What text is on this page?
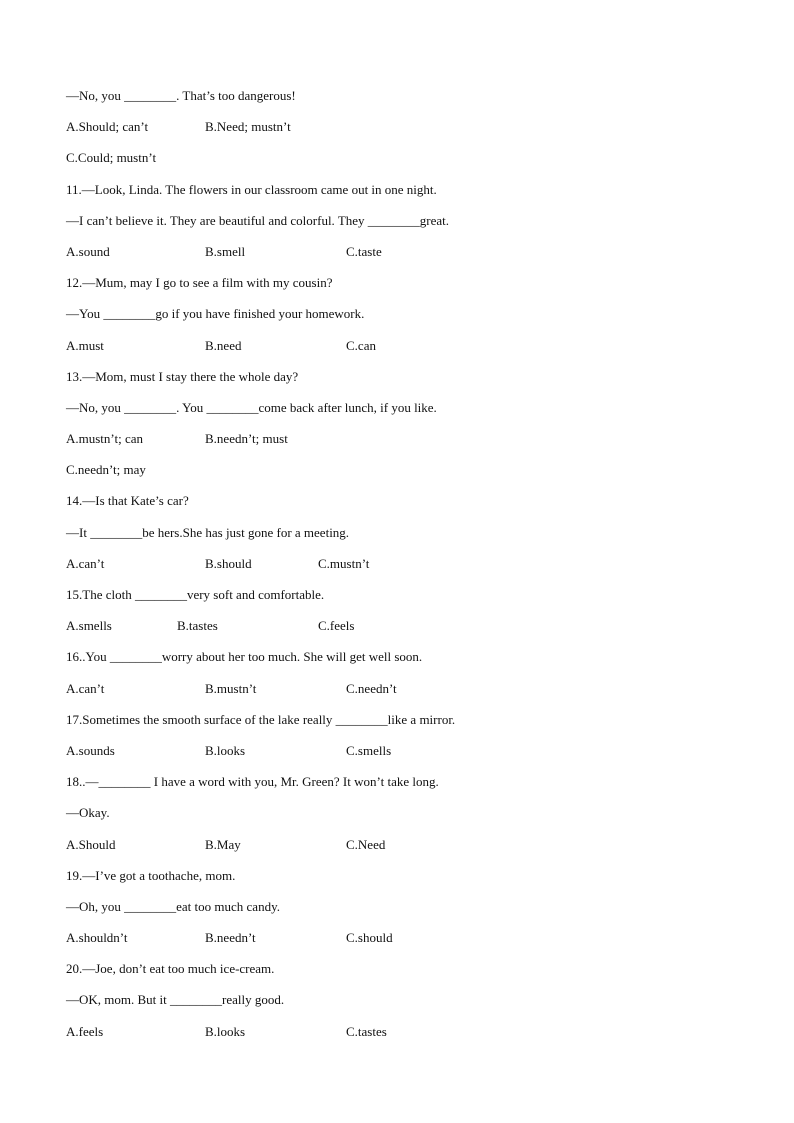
—No, you ________. That’s too dangerous!
A.Should; can’t	B.Need; mustn’t
C.Could; mustn’t
11.—Look, Linda. The flowers in our classroom came out in one night.
—I can’t believe it. They are beautiful and colorful. They ________great.
A.sound	B.smell	C.taste
12.—Mum, may I go to see a film with my cousin?
—You ________go if you have finished your homework.
A.must	B.need	C.can
13.—Mom, must I stay there the whole day?
—No, you ________. You ________come back after lunch, if you like.
A.mustn’t; can	B.needn’t; must
C.needn’t; may
14.—Is that Kate’s car?
—It ________be hers.She has just gone for a meeting.
A.can’t	B.should	C.mustn’t
15.The cloth ________very soft and comfortable.
A.smells	B.tastes	C.feels
16..You ________worry about her too much. She will get well soon.
A.can’t	B.mustn’t	C.needn’t
17.Sometimes the smooth surface of the lake really ________like a mirror.
A.sounds	B.looks	C.smells
18..—________ I have a word with you, Mr. Green? It won’t take long.
—Okay.
A.Should	B.May	C.Need
19.—I’ve got a toothache, mom.
—Oh, you ________eat too much candy.
A.shouldn’t	B.needn’t	C.should
20.—Joe, don’t eat too much ice-cream.
—OK, mom. But it ________really good.
A.feels	B.looks	C.tastes
